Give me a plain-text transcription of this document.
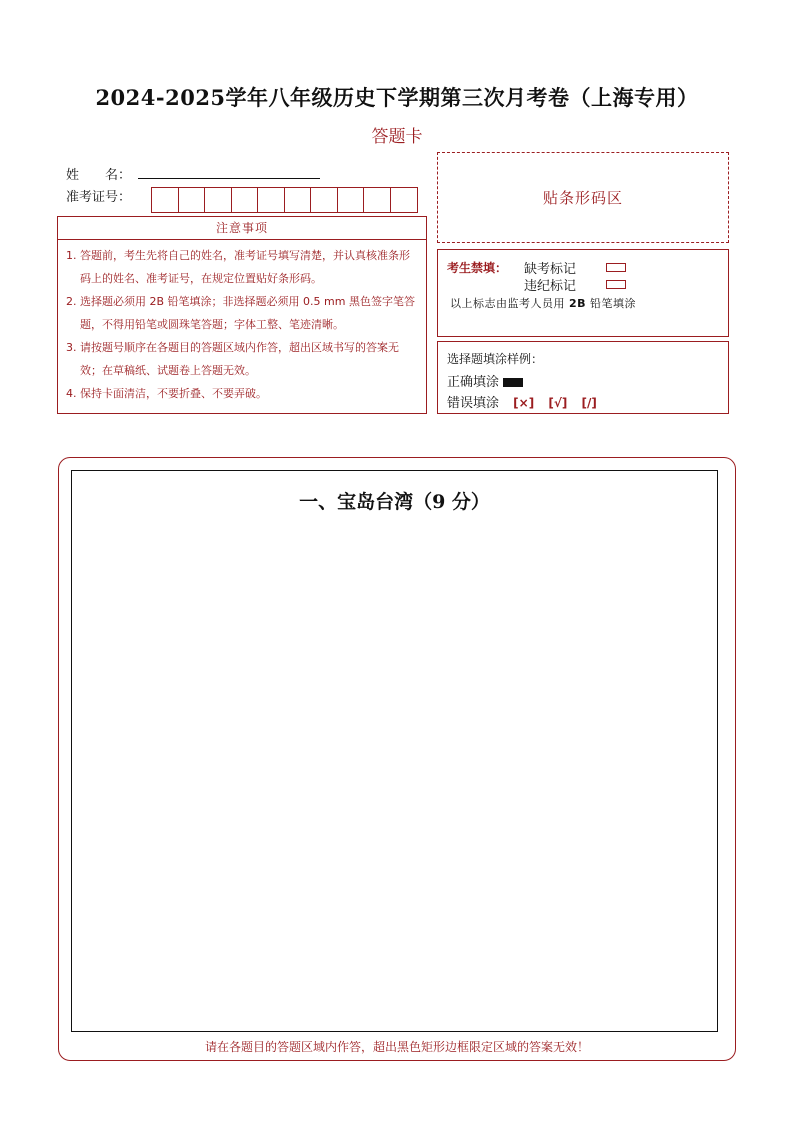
2024-2025学年八年级历史下学期第三次月考卷（上海专用）
答题卡
姓　　名：
准考证号：
注意事项
1. 答题前，考生先将自己的姓名，准考证号填写清楚，并认真核准条形码上的姓名、准考证号，在规定位置贴好条形码。
2. 选择题必须用 2B 铅笔填涂；非选择题必须用 0.5 mm 黑色签字笔答题，不得用铅笔或圆珠笔答题；字体工整、笔迹清晰。
3. 请按题号顺序在各题目的答题区域内作答，超出区域书写的答案无效；在草稿纸、试题卷上答题无效。
4. 保持卡面清洁，不要折叠、不要弄破。
贴条形码区
考生禁填： 缺考标记
违纪标记
以上标志由监考人员用 2B 铅笔填涂
选择题填涂样例：
正确填涂
错误填涂 [×] [√] [/]
一、宝岛台湾（9 分）
请在各题目的答题区域内作答，超出黑色矩形边框限定区域的答案无效！
